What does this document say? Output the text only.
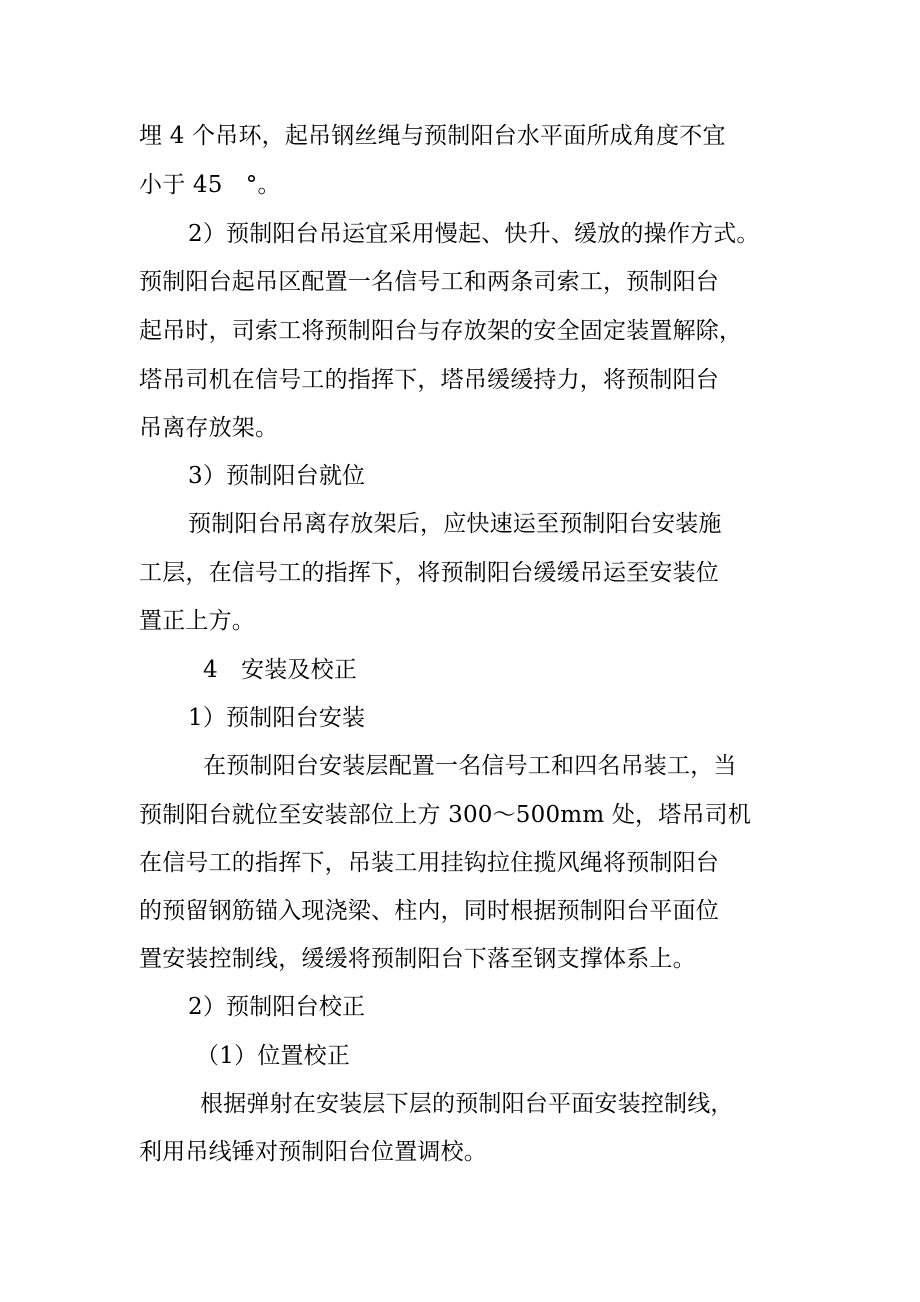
埋 4 个吊环，起吊钢丝绳与预制阳台水平面所成角度不宜
小于 45　°。
2）预制阳台吊运宜采用慢起、快升、缓放的操作方式。
预制阳台起吊区配置一名信号工和两条司索工，预制阳台
起吊时，司索工将预制阳台与存放架的安全固定装置解除，
塔吊司机在信号工的指挥下，塔吊缓缓持力，将预制阳台
吊离存放架。
3）预制阳台就位
预制阳台吊离存放架后，应快速运至预制阳台安装施
工层，在信号工的指挥下，将预制阳台缓缓吊运至安装位
置正上方。
4　安装及校正
1）预制阳台安装
在预制阳台安装层配置一名信号工和四名吊装工，当
预制阳台就位至安装部位上方 300～500mm 处，塔吊司机
在信号工的指挥下，吊装工用挂钩拉住揽风绳将预制阳台
的预留钢筋锚入现浇梁、柱内，同时根据预制阳台平面位
置安装控制线，缓缓将预制阳台下落至钢支撑体系上。
2）预制阳台校正
（1）位置校正
根据弹射在安装层下层的预制阳台平面安装控制线，
利用吊线锤对预制阳台位置调校。
